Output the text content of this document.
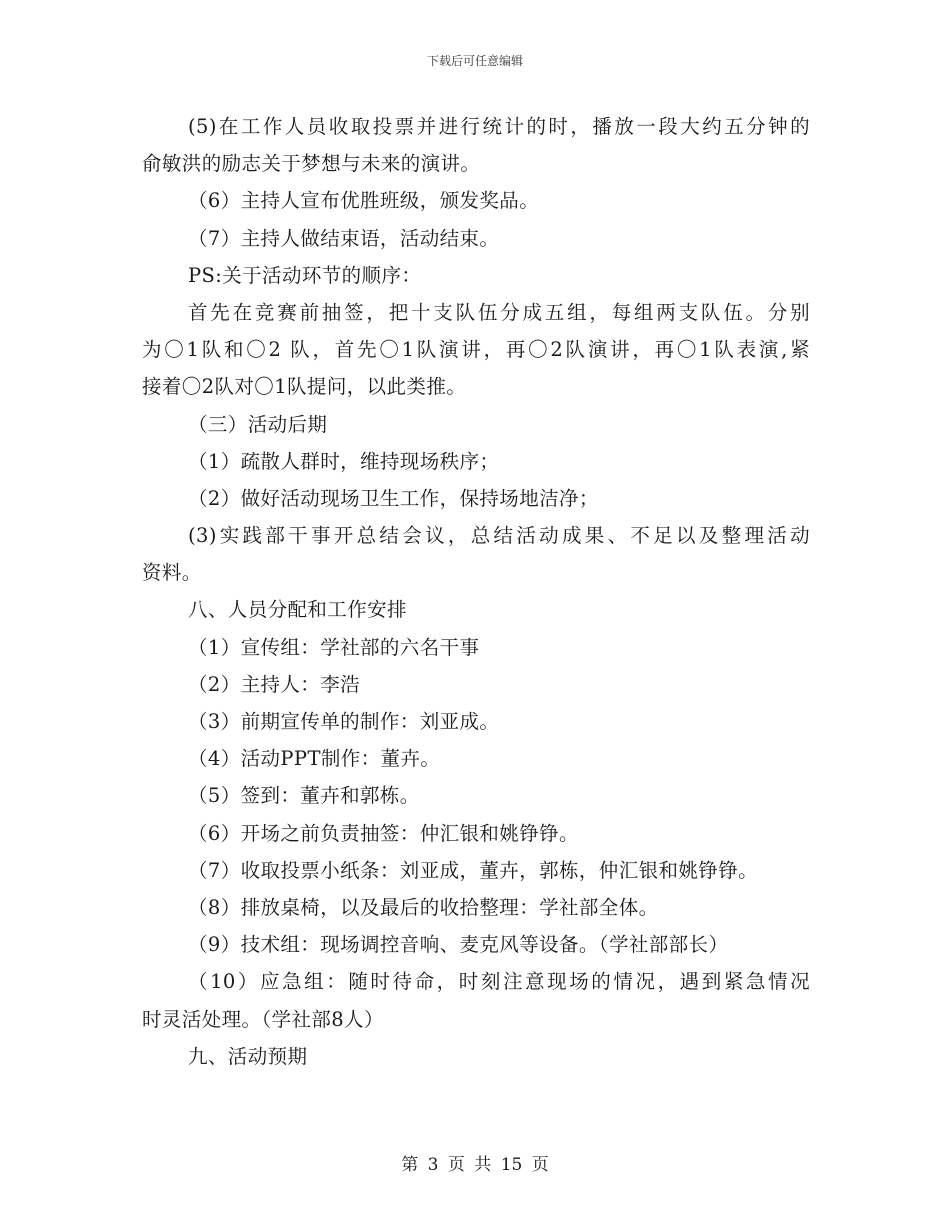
下载后可任意编辑
(5)在工作人员收取投票并进行统计的时，播放一段大约五分钟的
俞敏洪的励志关于梦想与未来的演讲。
（6）主持人宣布优胜班级，颁发奖品。
（7）主持人做结束语，活动结束。
PS:关于活动环节的顺序：
首先在竞赛前抽签，把十支队伍分成五组，每组两支队伍。分别
为〇1队和〇2 队，首先〇1队演讲，再〇2队演讲，再〇1队表演,紧
接着〇2队对〇1队提问，以此类推。
（三）活动后期
（1）疏散人群时，维持现场秩序；
（2）做好活动现场卫生工作，保持场地洁净；
(3)实践部干事开总结会议，总结活动成果、不足以及整理活动
资料。
八、人员分配和工作安排
（1）宣传组：学社部的六名干事
（2）主持人：李浩
（3）前期宣传单的制作：刘亚成。
（4）活动PPT制作：董卉。
（5）签到：董卉和郭栋。
（6）开场之前负责抽签：仲汇银和姚铮铮。
（7）收取投票小纸条：刘亚成，董卉，郭栋，仲汇银和姚铮铮。
（8）排放桌椅，以及最后的收拾整理：学社部全体。
（9）技术组：现场调控音响、麦克风等设备。（学社部部长）
（10）应急组：随时待命，时刻注意现场的情况，遇到紧急情况
时灵活处理。（学社部8人）
九、活动预期
第 3 页 共 15 页
